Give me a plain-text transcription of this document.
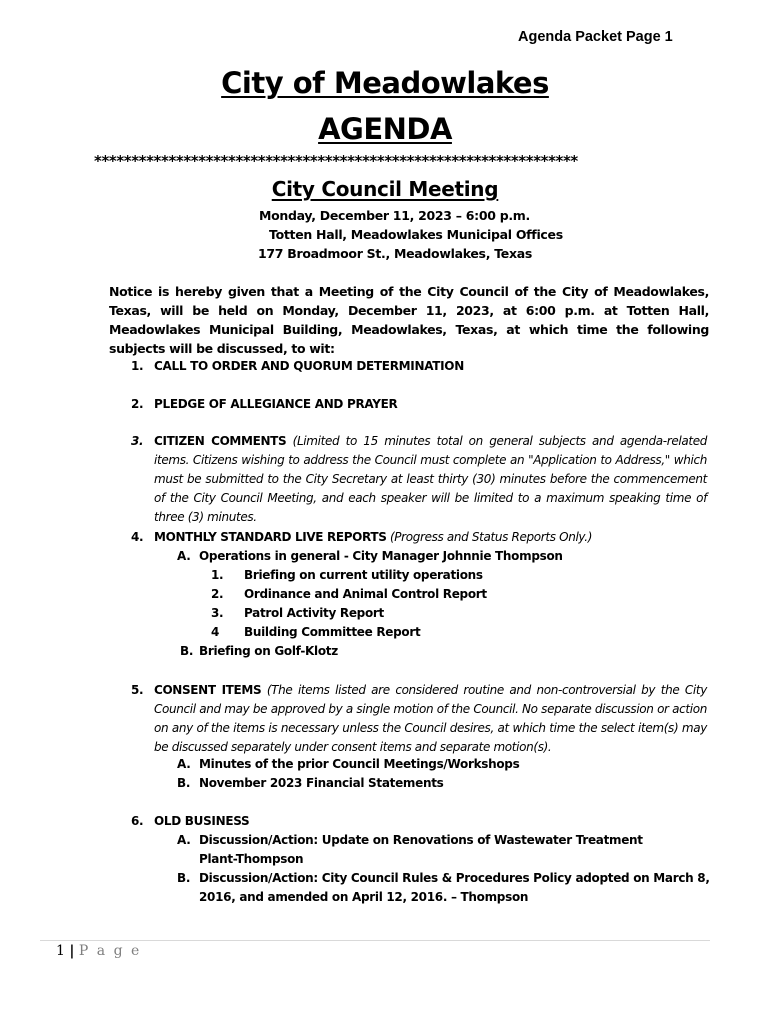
Agenda Packet Page 1
City of Meadowlakes
AGENDA
*****************************************************************
City Council Meeting
Monday, December 11, 2023 – 6:00 p.m.
Totten Hall, Meadowlakes Municipal Offices
177 Broadmoor St., Meadowlakes, Texas
Notice is hereby given that a Meeting of the City Council of the City of Meadowlakes, Texas, will be held on Monday, December 11, 2023, at 6:00 p.m. at Totten Hall, Meadowlakes Municipal Building, Meadowlakes, Texas, at which time the following subjects will be discussed, to wit:
1. CALL TO ORDER AND QUORUM DETERMINATION
2. PLEDGE OF ALLEGIANCE AND PRAYER
3. CITIZEN COMMENTS (Limited to 15 minutes total on general subjects and agenda-related items. Citizens wishing to address the Council must complete an "Application to Address," which must be submitted to the City Secretary at least thirty (30) minutes before the commencement of the City Council Meeting, and each speaker will be limited to a maximum speaking time of three (3) minutes.
4. MONTHLY STANDARD LIVE REPORTS (Progress and Status Reports Only.)
A. Operations in general - City Manager Johnnie Thompson
1. Briefing on current utility operations
2. Ordinance and Animal Control Report
3. Patrol Activity Report
4 Building Committee Report
B. Briefing on Golf-Klotz
5. CONSENT ITEMS (The items listed are considered routine and non-controversial by the City Council and may be approved by a single motion of the Council. No separate discussion or action on any of the items is necessary unless the Council desires, at which time the select item(s) may be discussed separately under consent items and separate motion(s).
A. Minutes of the prior Council Meetings/Workshops
B. November 2023 Financial Statements
6. OLD BUSINESS
A. Discussion/Action: Update on Renovations of Wastewater Treatment
Plant-Thompson
B. Discussion/Action: City Council Rules & Procedures Policy adopted on March 8,
2016, and amended on April 12, 2016. – Thompson
1 | P a g e
